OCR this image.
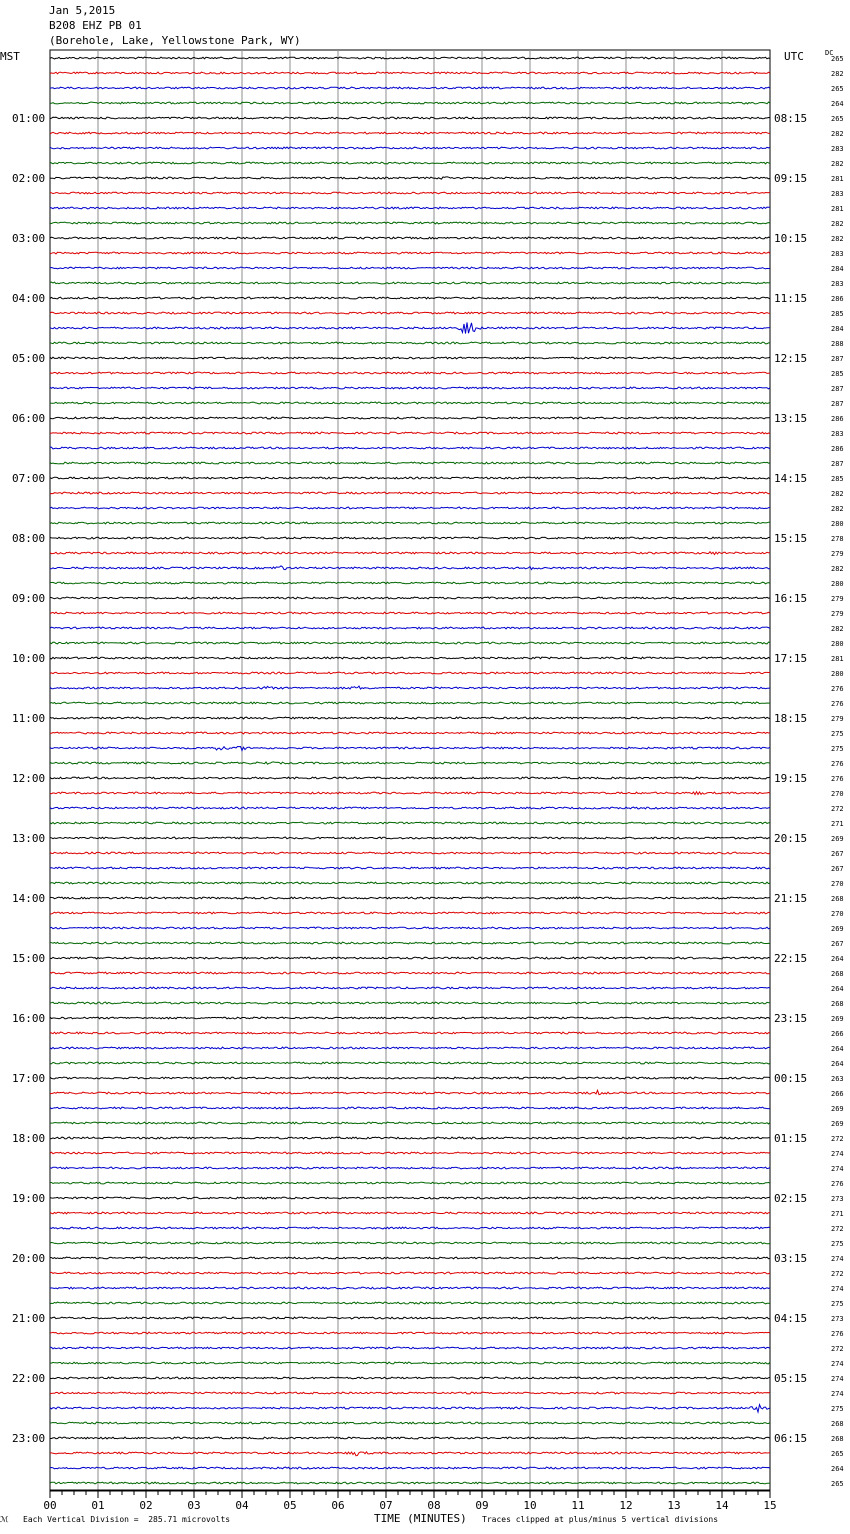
Jan 5,2015
B208 EHZ PB 01
(Borehole, Lake, Yellowstone Park, WY)
MST	UTC	DC
265
282
265
264
265
282
283
282
281
283
281
282
282
283
284
283
286
285
284
288
287
285
287
287
286
283
286
287
285
282
282
280
278
279
282
280
279
279
282
280
281
280
276
276
279
275
275
276
276
270
272
271
269
267
267
270
268
270
269
267
264
268
264
268
269
266
264
264
263
266
269
269
272
274
274
276
273
271
272
275
274
272
274
275
273
276
272
274
274
274
275
268
268
265
264
265
01:00
02:00
03:00
04:00
05:00
06:00
07:00
08:00
09:00
10:00
11:00
12:00
13:00
14:00
15:00
16:00
17:00
18:00
19:00
20:00
21:00
22:00
23:00
08:15
09:15
10:15
11:15
12:15
13:15
14:15
15:15
16:15
17:15
18:15
19:15
20:15
21:15
22:15
23:15
00:15
01:15
02:15
03:15
04:15
05:15
06:15
00	01	02	03	04	05	06	07	08	09	10	11	12	13	14	15
ℳ   Each Vertical Division =  285.71 microvolts	TIME (MINUTES) Traces clipped at plus/minus 5 vertical divisions
